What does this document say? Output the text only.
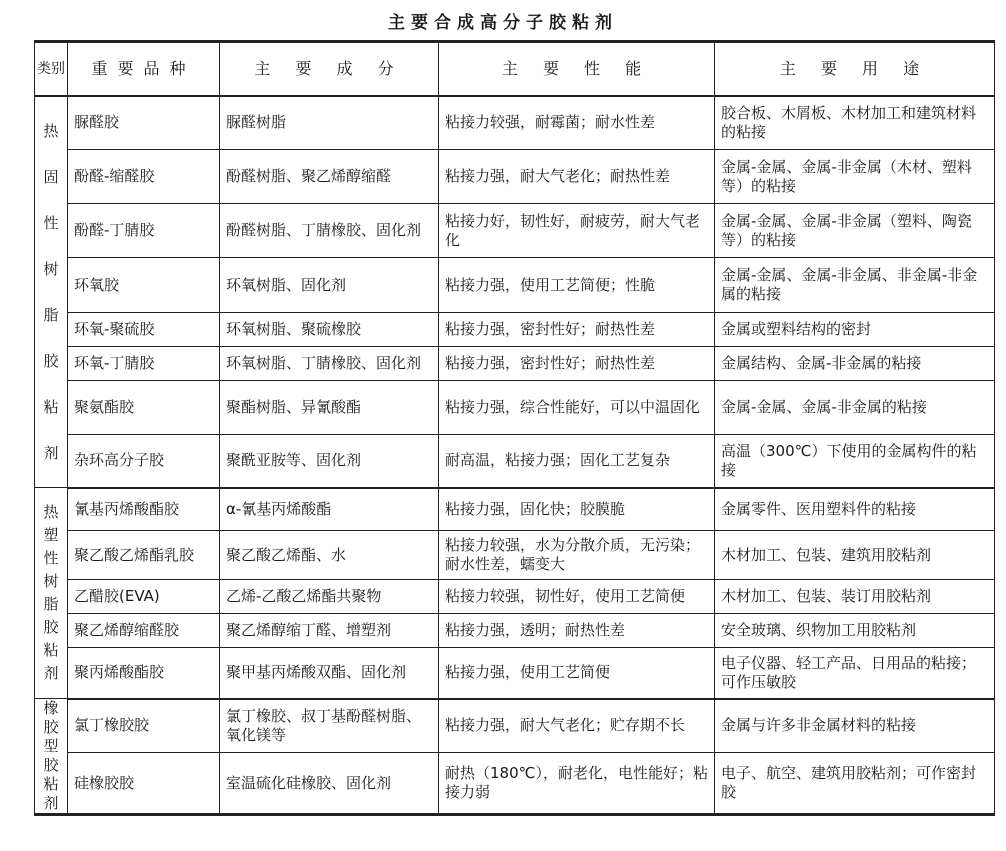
主要合成高分子胶粘剂
类别	重要品种	主 要 成 分	主 要 性 能	主 要 用 途

热固性树脂胶粘剂	脲醛胶	脲醛树脂	粘接力较强，耐霉菌；耐水性差	胶合板、木屑板、木材加工和建筑材料的粘接
	酚醛-缩醛胶	酚醛树脂、聚乙烯醇缩醛	粘接力强，耐大气老化；耐热性差	金属-金属、金属-非金属（木材、塑料等）的粘接
	酚醛-丁腈胶	酚醛树脂、丁腈橡胶、固化剂	粘接力好，韧性好，耐疲劳，耐大气老化	金属-金属、金属-非金属（塑料、陶瓷等）的粘接
	环氧胶	环氧树脂、固化剂	粘接力强，使用工艺简便；性脆	金属-金属、金属-非金属、非金属-非金属的粘接
	环氧-聚硫胶	环氧树脂、聚硫橡胶	粘接力强，密封性好；耐热性差	金属或塑料结构的密封
	环氧-丁腈胶	环氧树脂、丁腈橡胶、固化剂	粘接力强，密封性好；耐热性差	金属结构、金属-非金属的粘接
	聚氨酯胶	聚酯树脂、异氰酸酯	粘接力强，综合性能好，可以中温固化	金属-金属、金属-非金属的粘接
	杂环高分子胶	聚酰亚胺等、固化剂	耐高温，粘接力强；固化工艺复杂	高温（300℃）下使用的金属构件的粘接

热塑性树脂胶粘剂	氰基丙烯酸酯胶	α-氰基丙烯酸酯	粘接力强，固化快；胶膜脆	金属零件、医用塑料件的粘接
	聚乙酸乙烯酯乳胶	聚乙酸乙烯酯、水	粘接力较强，水为分散介质，无污染；耐水性差，蠕变大	木材加工、包装、建筑用胶粘剂
	乙醋胶(EVA)	乙烯-乙酸乙烯酯共聚物	粘接力较强，韧性好，使用工艺简便	木材加工、包装、装订用胶粘剂
	聚乙烯醇缩醛胶	聚乙烯醇缩丁醛、增塑剂	粘接力强，透明；耐热性差	安全玻璃、织物加工用胶粘剂
	聚丙烯酸酯胶	聚甲基丙烯酸双酯、固化剂	粘接力强，使用工艺简便	电子仪器、轻工产品、日用品的粘接；可作压敏胶

橡胶型胶粘剂	氯丁橡胶胶	氯丁橡胶、叔丁基酚醛树脂、氧化镁等	粘接力强，耐大气老化；贮存期不长	金属与许多非金属材料的粘接
	硅橡胶胶	室温硫化硅橡胶、固化剂	耐热（180℃），耐老化，电性能好；粘接力弱	电子、航空、建筑用胶粘剂；可作密封胶
